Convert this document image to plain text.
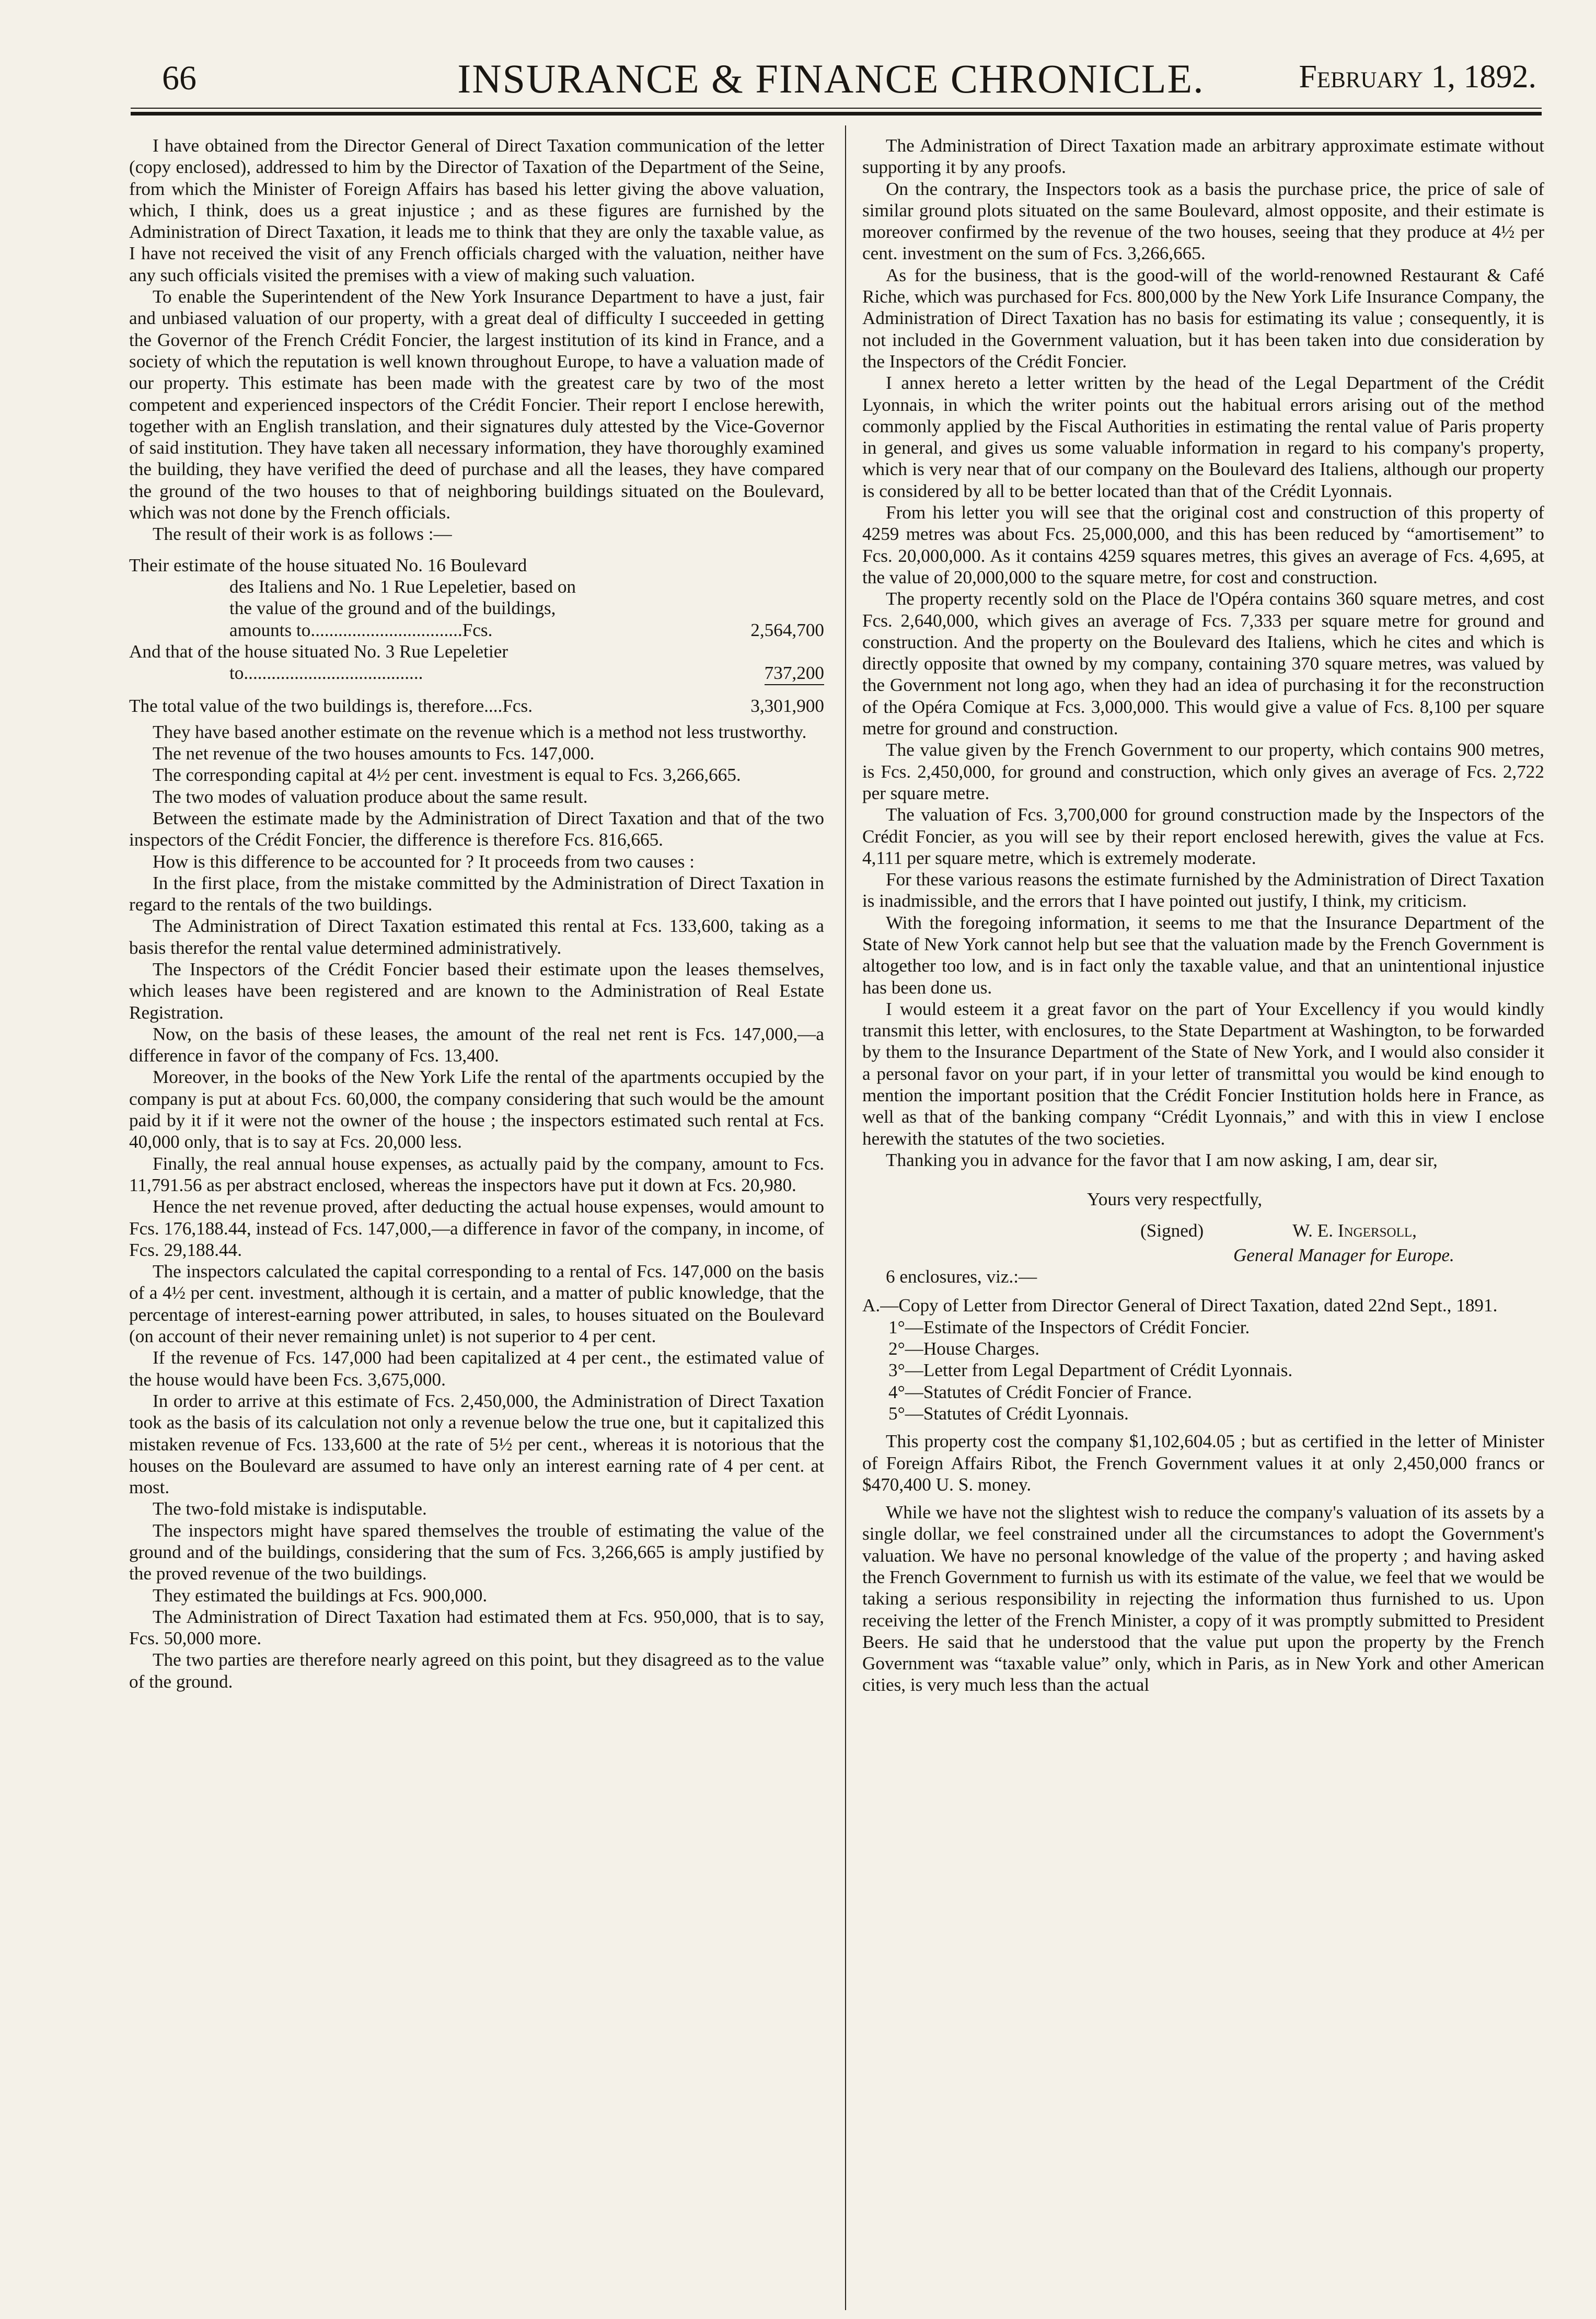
66	INSURANCE & FINANCE CHRONICLE.	February 1, 1892.

I have obtained from the Director General of Direct Taxation communication of the letter (copy enclosed), addressed to him by the Director of Taxation of the Department of the Seine, from which the Minister of Foreign Affairs has based his letter giving the above valuation, which, I think, does us a great injustice ; and as these figures are furnished by the Administration of Direct Taxation, it leads me to think that they are only the taxable value, as I have not received the visit of any French officials charged with the valuation, neither have any such officials visited the premises with a view of making such valuation.

To enable the Superintendent of the New York Insurance Department to have a just, fair and unbiased valuation of our property, with a great deal of difficulty I succeeded in getting the Governor of the French Crédit Foncier, the largest institution of its kind in France, and a society of which the reputation is well known throughout Europe, to have a valuation made of our property. This estimate has been made with the greatest care by two of the most competent and experienced inspectors of the Crédit Foncier. Their report I enclose herewith, together with an English translation, and their signatures duly attested by the Vice-Governor of said institution. They have taken all necessary information, they have thoroughly examined the building, they have verified the deed of purchase and all the leases, they have compared the ground of the two houses to that of neighboring buildings situated on the Boulevard, which was not done by the French officials.

The result of their work is as follows :—

Their estimate of the house situated No. 16 Boulevard	
des Italiens and No. 1 Rue Lepeletier, based on	
the value of the ground and of the buildings,	
amounts to.................................Fcs.	2,564,700
And that of the house situated No. 3 Rue Lepeletier	
to.......................................	737,200
The total value of the two buildings is, therefore....Fcs.	3,301,900

They have based another estimate on the revenue which is a method not less trustworthy.

The net revenue of the two houses amounts to Fcs. 147,000.

The corresponding capital at 4½ per cent. investment is equal to Fcs. 3,266,665.

The two modes of valuation produce about the same result.

Between the estimate made by the Administration of Direct Taxation and that of the two inspectors of the Crédit Foncier, the difference is therefore Fcs. 816,665.

How is this difference to be accounted for ? It proceeds from two causes :

In the first place, from the mistake committed by the Administration of Direct Taxation in regard to the rentals of the two buildings.

The Administration of Direct Taxation estimated this rental at Fcs. 133,600, taking as a basis therefor the rental value determined administratively.

The Inspectors of the Crédit Foncier based their estimate upon the leases themselves, which leases have been registered and are known to the Administration of Real Estate Registration.

Now, on the basis of these leases, the amount of the real net rent is Fcs. 147,000,—a difference in favor of the company of Fcs. 13,400.

Moreover, in the books of the New York Life the rental of the apartments occupied by the company is put at about Fcs. 60,000, the company considering that such would be the amount paid by it if it were not the owner of the house ; the inspectors estimated such rental at Fcs. 40,000 only, that is to say at Fcs. 20,000 less.

Finally, the real annual house expenses, as actually paid by the company, amount to Fcs. 11,791.56 as per abstract enclosed, whereas the inspectors have put it down at Fcs. 20,980.

Hence the net revenue proved, after deducting the actual house expenses, would amount to Fcs. 176,188.44, instead of Fcs. 147,000,—a difference in favor of the company, in income, of Fcs. 29,188.44.

The inspectors calculated the capital corresponding to a rental of Fcs. 147,000 on the basis of a 4½ per cent. investment, although it is certain, and a matter of public knowledge, that the percentage of interest-earning power attributed, in sales, to houses situated on the Boulevard (on account of their never remaining unlet) is not superior to 4 per cent.

If the revenue of Fcs. 147,000 had been capitalized at 4 per cent., the estimated value of the house would have been Fcs. 3,675,000.

In order to arrive at this estimate of Fcs. 2,450,000, the Administration of Direct Taxation took as the basis of its calculation not only a revenue below the true one, but it capitalized this mistaken revenue of Fcs. 133,600 at the rate of 5½ per cent., whereas it is notorious that the houses on the Boulevard are assumed to have only an interest earning rate of 4 per cent. at most.

The two-fold mistake is indisputable.

The inspectors might have spared themselves the trouble of estimating the value of the ground and of the buildings, considering that the sum of Fcs. 3,266,665 is amply justified by the proved revenue of the two buildings.

They estimated the buildings at Fcs. 900,000.

The Administration of Direct Taxation had estimated them at Fcs. 950,000, that is to say, Fcs. 50,000 more.

The two parties are therefore nearly agreed on this point, but they disagreed as to the value of the ground.

The Administration of Direct Taxation made an arbitrary approximate estimate without supporting it by any proofs.

On the contrary, the Inspectors took as a basis the purchase price, the price of sale of similar ground plots situated on the same Boulevard, almost opposite, and their estimate is moreover confirmed by the revenue of the two houses, seeing that they produce at 4½ per cent. investment on the sum of Fcs. 3,266,665.

As for the business, that is the good-will of the world-renowned Restaurant & Café Riche, which was purchased for Fcs. 800,000 by the New York Life Insurance Company, the Administration of Direct Taxation has no basis for estimating its value ; consequently, it is not included in the Government valuation, but it has been taken into due consideration by the Inspectors of the Crédit Foncier.

I annex hereto a letter written by the head of the Legal Department of the Crédit Lyonnais, in which the writer points out the habitual errors arising out of the method commonly applied by the Fiscal Authorities in estimating the rental value of Paris property in general, and gives us some valuable information in regard to his company's property, which is very near that of our company on the Boulevard des Italiens, although our property is considered by all to be better located than that of the Crédit Lyonnais.

From his letter you will see that the original cost and construction of this property of 4259 metres was about Fcs. 25,000,000, and this has been reduced by “amortisement” to Fcs. 20,000,000. As it contains 4259 squares metres, this gives an average of Fcs. 4,695, at the value of 20,000,000 to the square metre, for cost and construction.

The property recently sold on the Place de l'Opéra contains 360 square metres, and cost Fcs. 2,640,000, which gives an average of Fcs. 7,333 per square metre for ground and construction. And the property on the Boulevard des Italiens, which he cites and which is directly opposite that owned by my company, containing 370 square metres, was valued by the Government not long ago, when they had an idea of purchasing it for the reconstruction of the Opéra Comique at Fcs. 3,000,000. This would give a value of Fcs. 8,100 per square metre for ground and construction.

The value given by the French Government to our property, which contains 900 metres, is Fcs. 2,450,000, for ground and construction, which only gives an average of Fcs. 2,722 per square metre.

The valuation of Fcs. 3,700,000 for ground construction made by the Inspectors of the Crédit Foncier, as you will see by their report enclosed herewith, gives the value at Fcs. 4,111 per square metre, which is extremely moderate.

For these various reasons the estimate furnished by the Administration of Direct Taxation is inadmissible, and the errors that I have pointed out justify, I think, my criticism.

With the foregoing information, it seems to me that the Insurance Department of the State of New York cannot help but see that the valuation made by the French Government is altogether too low, and is in fact only the taxable value, and that an unintentional injustice has been done us.

I would esteem it a great favor on the part of Your Excellency if you would kindly transmit this letter, with enclosures, to the State Department at Washington, to be forwarded by them to the Insurance Department of the State of New York, and I would also consider it a personal favor on your part, if in your letter of transmittal you would be kind enough to mention the important position that the Crédit Foncier Institution holds here in France, as well as that of the banking company “Crédit Lyonnais,” and with this in view I enclose herewith the statutes of the two societies.

Thanking you in advance for the favor that I am now asking, I am, dear sir,

Yours very respectfully,
(Signed)	W. E. Ingersoll,
General Manager for Europe.

6 enclosures, viz.:—

A.—Copy of Letter from Director General of Direct Taxation, dated 22nd Sept., 1891.

1°—Estimate of the Inspectors of Crédit Foncier.

2°—House Charges.

3°—Letter from Legal Department of Crédit Lyonnais.

4°—Statutes of Crédit Foncier of France.

5°—Statutes of Crédit Lyonnais.

This property cost the company $1,102,604.05 ; but as certified in the letter of Minister of Foreign Affairs Ribot, the French Government values it at only 2,450,000 francs or $470,400 U. S. money.

While we have not the slightest wish to reduce the company's valuation of its assets by a single dollar, we feel constrained under all the circumstances to adopt the Government's valuation. We have no personal knowledge of the value of the property ; and having asked the French Government to furnish us with its estimate of the value, we feel that we would be taking a serious responsibility in rejecting the information thus furnished to us. Upon receiving the letter of the French Minister, a copy of it was promptly submitted to President Beers. He said that he understood that the value put upon the property by the French Government was “taxable value” only, which in Paris, as in New York and other American cities, is very much less than the actual
